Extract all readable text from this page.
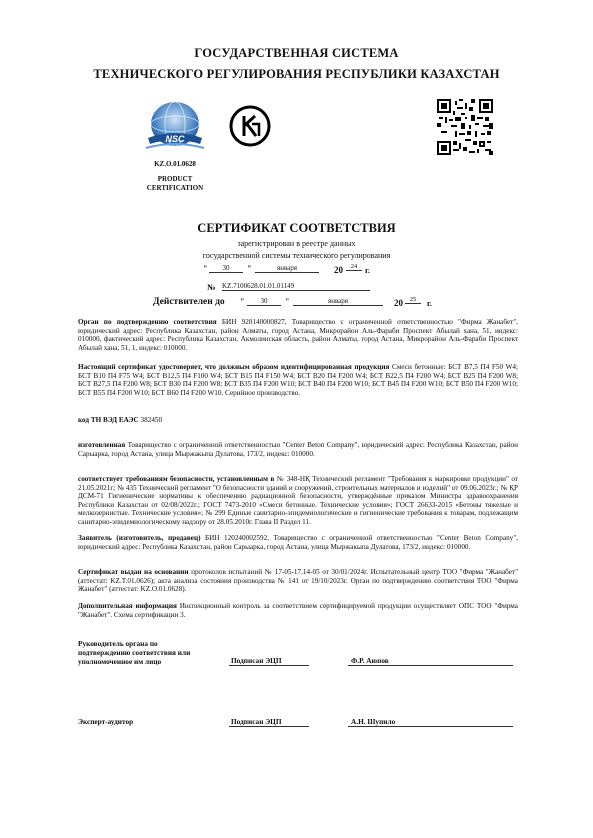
ГОСУДАРСТВЕННАЯ СИСТЕМА
ТЕХНИЧЕСКОГО РЕГУЛИРОВАНИЯ РЕСПУБЛИКИ КАЗАХСТАН
NSC
KZ.O.01.0628
PRODUCT
CERTIFICATION
СЕРТИФИКАТ СООТВЕТСТВИЯ
зарегистрирован в реестре данных
государственной системы технического регулирования
"	30	"	января	20	24 г.
№ KZ.7100628.01.01.01149
Действителен до "	30	"	января	20	25	г.
Орган по подтверждению соответствия БИН 920140000827, Товарищество с ограниченной ответственностью "Фирма Жанабет", юридический адрес: Республика Казахстан, район Алматы, город Астана, Микрорайон Аль-Фараби Проспект Абылай хана, 51, индекс: 010000, фактический адрес: Республика Казахстан, Акмолинская область, район Алматы, город Астана, Микрорайон Аль-Фараби Проспект Абылай хана, 51, 1, индекс: 010000.
Настоящий сертификат удостоверяет, что должным образом идентифицированная продукция Смеси бетонные: БСТ В7,5 П4 F50 W4; БСТ В10 П4 F75 W4; БСТ В12,5 П4 F100 W4; БСТ В15 П4 F150 W4; БСТ В20 П4 F200 W4; БСТ В22,5 П4 F200 W4; БСТ В25 П4 F200 W8; БСТ В27,5 П4 F200 W8; БСТ В30 П4 F200 W8; БСТ В35 П4 F200 W10; БСТ В40 П4 F200 W10; БСТ В45 П4 F200 W10; БСТ В50 П4 F200 W10; БСТ В55 П4 F200 W10; БСТ В60 П4 F200 W10. Серийное производство.
код ТН ВЭД ЕАЭС 382450
изготовленная Товарищество с ограниченной ответственностью "Center Beton Company", юридический адрес: Республика Казахстан, район Сарыарка, город Астана, улица Мыржакыпа Дулатова, 173/2, индекс: 010000.
соответствует требованиям безопасности, установленным в № 348-НҚ Технический регламент "Требования к маркировке продукции" от 21.05.2021г; № 435 Технический регламент "О безопасности зданий и сооружений, строительных материалов и изделий" от 09.06.2023г.; № ҚР ДСМ-71 Гигиенические нормативы к обеспечению радиационной безопасности, утверждённые приказом Министра здравоохранения Республики Казахстан от 02/08/2022г.; ГОСТ 7473-2010 «Смеси бетонные. Технические условия»; ГОСТ 26633-2015 «Бетоны тяжелые и мелкозернистые. Технические условия»; № 299 Единые санитарно-эпидемиологические и гигиенические требования к товарам, подлежащим санитарно-эпидемиологическому надзору от 28.05.2010г. Глава II Раздел 11.
Заявитель (изготовитель, продавец) БИН 120240002592, Товарищество с ограниченной ответственностью "Center Beton Company", юридический адрес: Республика Казахстан, район Сарыарка, город Астана, улица Мыржакыпа Дулатова, 173/2, индекс: 010000.
Сертификат выдан на основании протоколов испытаний № 17-05-17.14-05 от 30/01/2024г. Испытательный центр ТОО "Фирма "Жанабет" (аттестат: KZ.T.01.0626); акта анализа состояния производства № 141 от 19/10/2023г. Орган по подтверждению соответствия ТОО "Фирма Жанабет" (аттестат: KZ.O.01.0628).
Дополнительная информация Инспекционный контроль за соответствием сертифицируемой продукции осуществляет ОПС ТОО "Фирма "Жанабет". Схема сертификации 3.
Руководитель органа по
подтверждению соответствия или
уполномоченное им лицо	Подписан ЭЦП	Ф.Р. Аюпов
Эксперт-аудитор	Подписан ЭЦП	А.Н. Шупило
